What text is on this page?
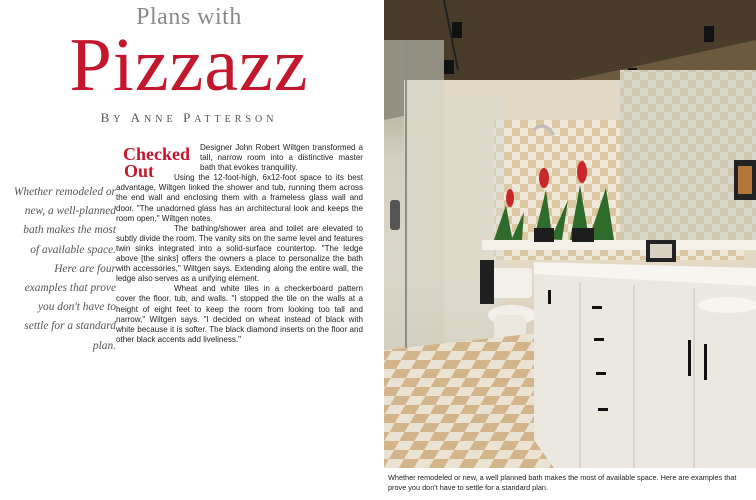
Plans with
Pizzazz
BY ANNE PATTERSON
Whether remodeled or new, a well-planned bath makes the most of available space. Here are four examples that prove you don't have to settle for a standard plan.
Checked
Out

Designer John Robert Wiltgen transformed a tall, narrow room into a distinctive master bath that evokes tranquility.

Using the 12-foot-high, 6x12-foot space to its best advantage, Wiltgen linked the shower and tub, running them across the end wall and enclosing them with a frameless glass wall and door. "The unadorned glass has an architectural look and keeps the room open," Wiltgen notes.

The bathing/shower area and toilet are elevated to subtly divide the room. The vanity sits on the same level and features twin sinks integrated into a solid-surface countertop. "The ledge above [the sinks] offers the owners a place to personalize the bath with accessories," Wiltgen says. Extending along the entire wall, the ledge also serves as a unifying element.

Wheat and white tiles in a checkerboard pattern cover the floor, tub, and walls. "I stopped the tile on the walls at a height of eight feet to keep the room from looking too tall and narrow," Wiltgen says. "I decided on wheat instead of black with white because it is softer. The black diamond inserts on the floor and other black accents add liveliness."

Whether remodeled or new, a well planned bath makes the most of available space. Here are examples that prove you don't have to settle for a standard plan.
